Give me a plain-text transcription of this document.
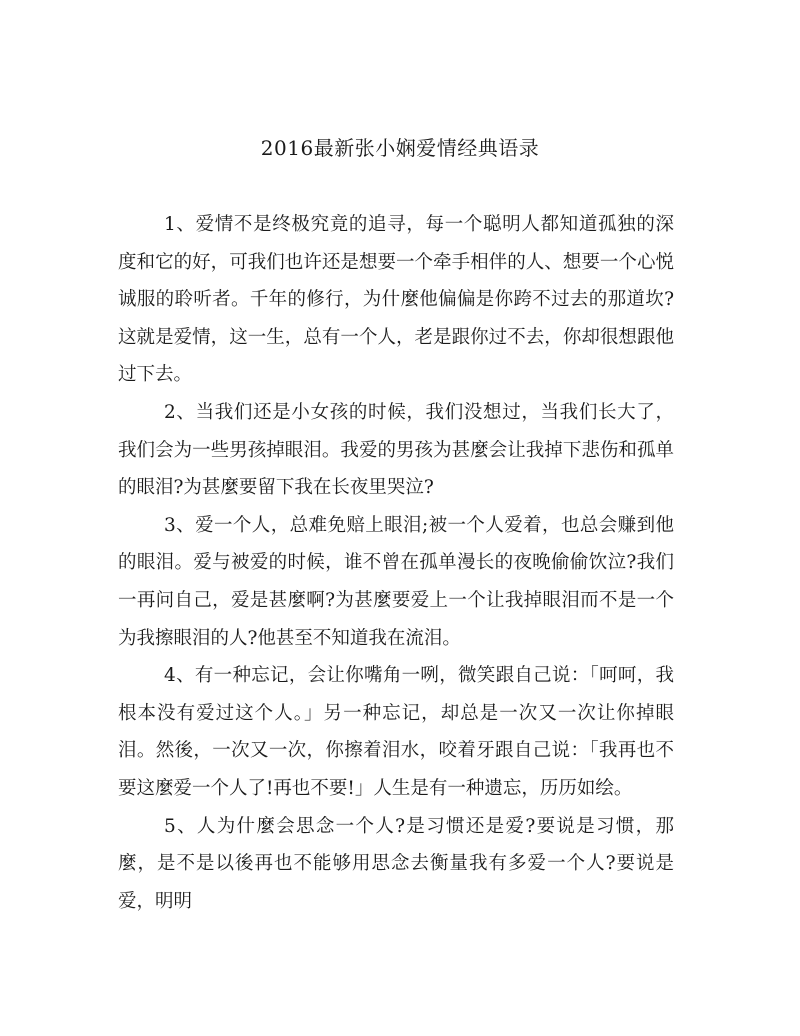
2016最新张小娴爱情经典语录

1、爱情不是终极究竟的追寻，每一个聪明人都知道孤独的深度和它的好，可我们也许还是想要一个牵手相伴的人、想要一个心悦诚服的聆听者。千年的修行，为什麼他偏偏是你跨不过去的那道坎?这就是爱情，这一生，总有一个人，老是跟你过不去，你却很想跟他过下去。

2、当我们还是小女孩的时候，我们没想过，当我们长大了，我们会为一些男孩掉眼泪。我爱的男孩为甚麼会让我掉下悲伤和孤单的眼泪?为甚麼要留下我在长夜里哭泣?

3、爱一个人，总难免赔上眼泪;被一个人爱着，也总会赚到他的眼泪。爱与被爱的时候，谁不曾在孤单漫长的夜晚偷偷饮泣?我们一再问自己，爱是甚麼啊?为甚麼要爱上一个让我掉眼泪而不是一个为我擦眼泪的人?他甚至不知道我在流泪。

4、有一种忘记，会让你嘴角一咧，微笑跟自己说：「呵呵，我根本没有爱过这个人。」另一种忘记，却总是一次又一次让你掉眼泪。然後，一次又一次，你擦着泪水，咬着牙跟自己说：「我再也不要这麼爱一个人了!再也不要!」人生是有一种遗忘，历历如绘。

5、人为什麼会思念一个人?是习惯还是爱?要说是习惯，那麼，是不是以後再也不能够用思念去衡量我有多爱一个人?要说是爱，明明
